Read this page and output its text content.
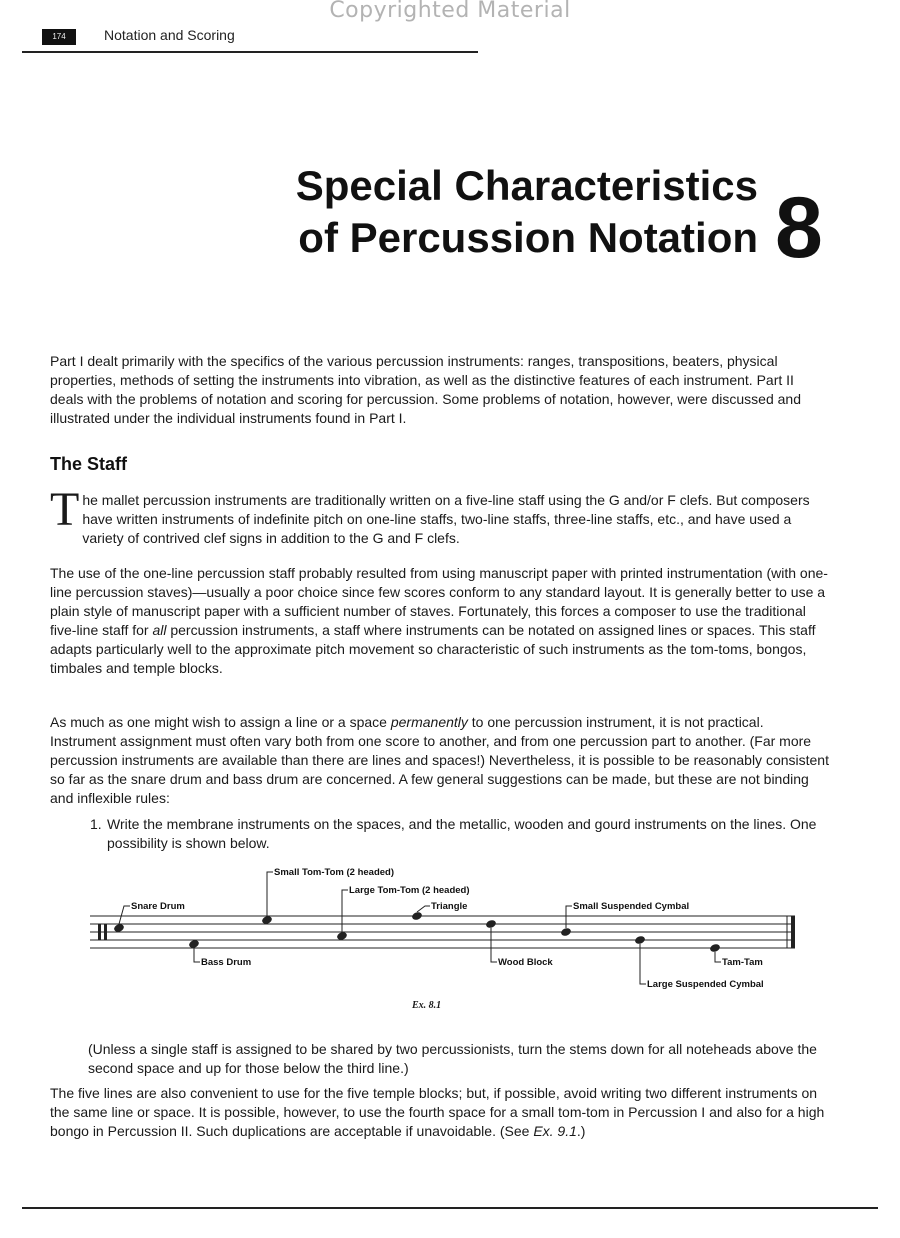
Copyrighted Material
174	Notation and Scoring
Special Characteristics
of Percussion Notation 8

Part I dealt primarily with the specifics of the various percussion instruments: ranges, transpositions, beaters, physical properties, methods of setting the instruments into vibration, as well as the distinctive features of each instrument. Part II deals with the problems of notation and scoring for percussion. Some problems of notation, however, were discussed and illustrated under the individual instruments found in Part I.

The Staff

The mallet percussion instruments are traditionally written on a five-line staff using the G and/or F clefs. But composers have written instruments of indefinite pitch on one-line staffs, two-line staffs, three-line staffs, etc., and have used a variety of contrived clef signs in addition to the G and F clefs.

The use of the one-line percussion staff probably resulted from using manuscript paper with printed instrumentation (with one-line percussion staves)—usually a poor choice since few scores conform to any standard layout. It is generally better to use a plain style of manuscript paper with a sufficient number of staves. Fortunately, this forces a composer to use the traditional five-line staff for all percussion instruments, a staff where instruments can be notated on assigned lines or spaces. This staff adapts particularly well to the approximate pitch movement so characteristic of such instruments as the tom-toms, bongos, timbales and temple blocks.

As much as one might wish to assign a line or a space permanently to one percussion instrument, it is not practical. Instrument assignment must often vary both from one score to another, and from one percussion part to another. (Far more percussion instruments are available than there are lines and spaces!) Nevertheless, it is possible to be reasonably consistent so far as the snare drum and bass drum are concerned. A few general suggestions can be made, but these are not binding and inflexible rules:

1. Write the membrane instruments on the spaces, and the metallic, wooden and gourd instruments on the lines. One possibility is shown below.
Snare Drum
Bass Drum
Small Tom-Tom (2 headed)
Large Tom-Tom (2 headed)
Triangle
Wood Block
Small Suspended Cymbal
Large Suspended Cymbal
Tam-Tam
Ex. 8.1

(Unless a single staff is assigned to be shared by two percussionists, turn the stems down for all noteheads above the second space and up for those below the third line.)

The five lines are also convenient to use for the five temple blocks; but, if possible, avoid writing two different instruments on the same line or space. It is possible, however, to use the fourth space for a small tom-tom in Percussion I and also for a high bongo in Percussion II. Such duplications are acceptable if unavoidable. (See Ex. 9.1.)
